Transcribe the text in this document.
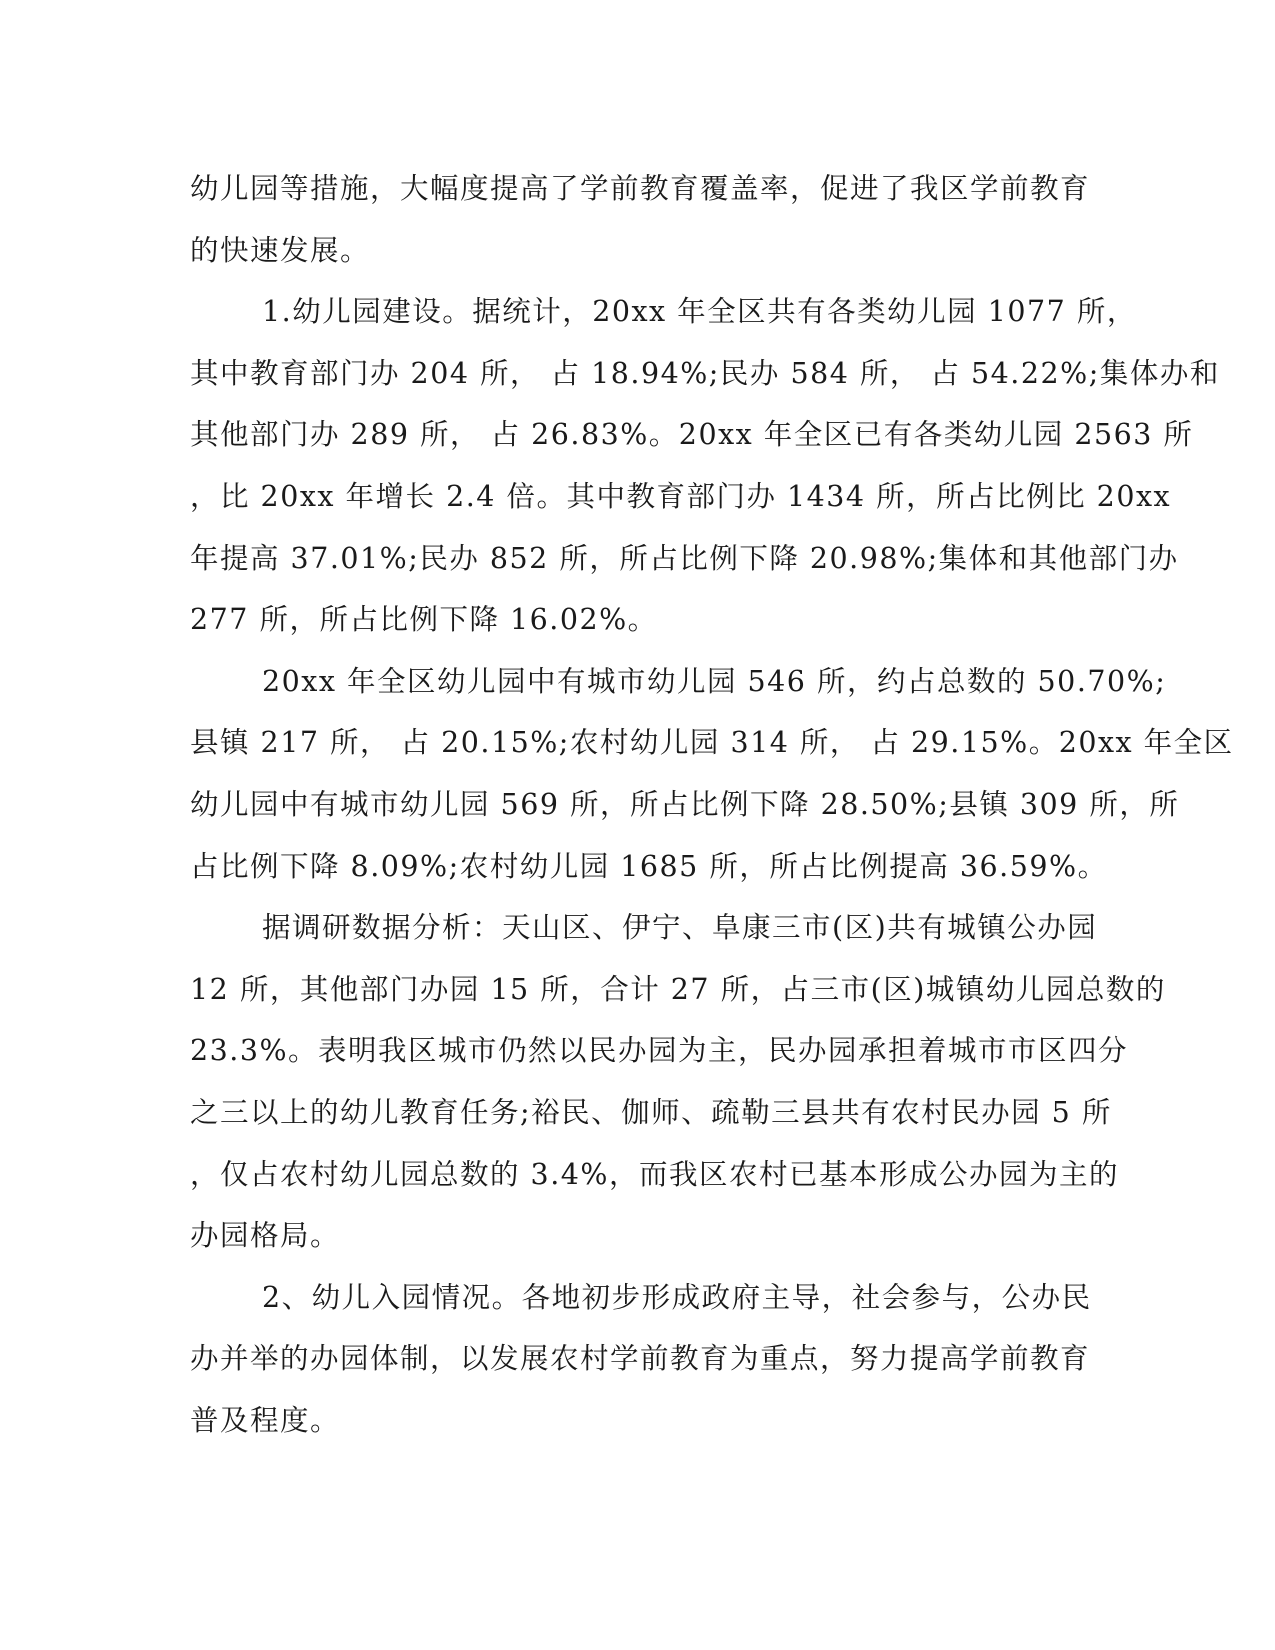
幼儿园等措施，大幅度提高了学前教育覆盖率，促进了我区学前教育
的快速发展。
1.幼儿园建设。据统计，20xx 年全区共有各类幼儿园 1077 所，
其中教育部门办 204 所， 占 18.94%;民办 584 所， 占 54.22%;集体办和
其他部门办 289 所， 占 26.83%。20xx 年全区已有各类幼儿园 2563 所
，比 20xx 年增长 2.4 倍。其中教育部门办 1434 所，所占比例比 20xx
年提高 37.01%;民办 852 所，所占比例下降 20.98%;集体和其他部门办
277 所，所占比例下降 16.02%。
20xx 年全区幼儿园中有城市幼儿园 546 所，约占总数的 50.70%;
县镇 217 所， 占 20.15%;农村幼儿园 314 所， 占 29.15%。20xx 年全区
幼儿园中有城市幼儿园 569 所，所占比例下降 28.50%;县镇 309 所，所
占比例下降 8.09%;农村幼儿园 1685 所，所占比例提高 36.59%。
据调研数据分析：天山区、伊宁、阜康三市(区)共有城镇公办园
12 所，其他部门办园 15 所，合计 27 所，占三市(区)城镇幼儿园总数的
23.3%。表明我区城市仍然以民办园为主，民办园承担着城市市区四分
之三以上的幼儿教育任务;裕民、伽师、疏勒三县共有农村民办园 5 所
，仅占农村幼儿园总数的 3.4%，而我区农村已基本形成公办园为主的
办园格局。
2、幼儿入园情况。各地初步形成政府主导，社会参与，公办民
办并举的办园体制，以发展农村学前教育为重点，努力提高学前教育
普及程度。
